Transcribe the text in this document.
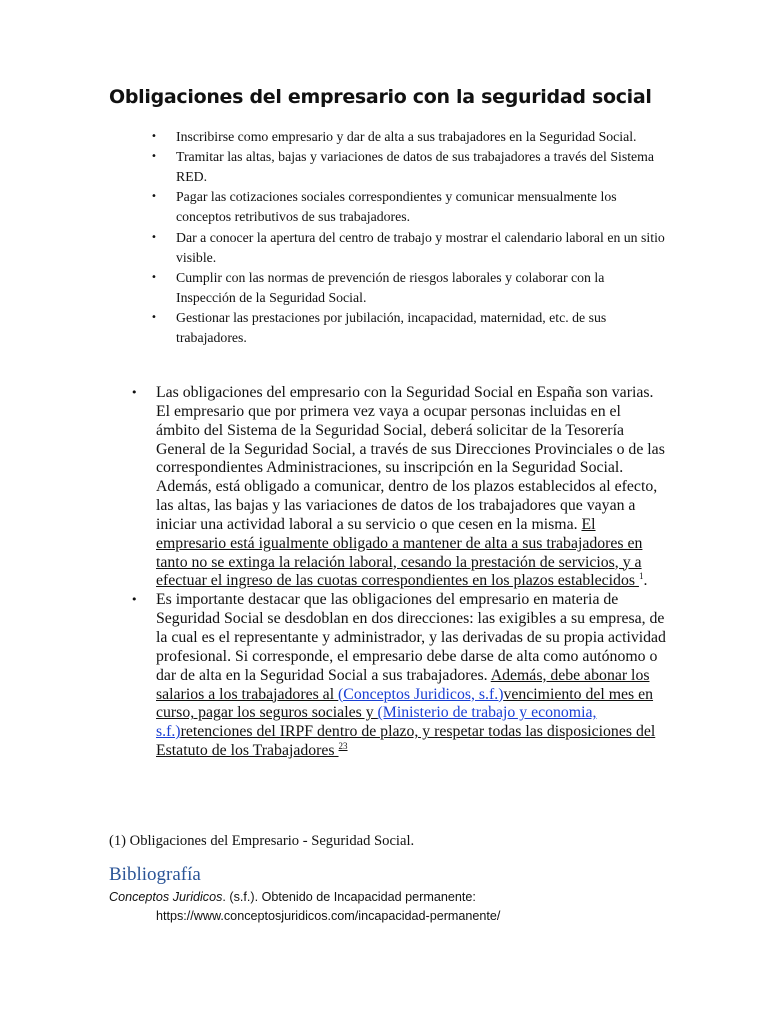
Obligaciones del empresario con la seguridad social
• Inscribirse como empresario y dar de alta a sus trabajadores en la Seguridad Social.
• Tramitar las altas, bajas y variaciones de datos de sus trabajadores a través del Sistema RED.
• Pagar las cotizaciones sociales correspondientes y comunicar mensualmente los conceptos retributivos de sus trabajadores.
• Dar a conocer la apertura del centro de trabajo y mostrar el calendario laboral en un sitio visible.
• Cumplir con las normas de prevención de riesgos laborales y colaborar con la Inspección de la Seguridad Social.
• Gestionar las prestaciones por jubilación, incapacidad, maternidad, etc. de sus trabajadores.
• Las obligaciones del empresario con la Seguridad Social en España son varias. El empresario que por primera vez vaya a ocupar personas incluidas en el ámbito del Sistema de la Seguridad Social, deberá solicitar de la Tesorería General de la Seguridad Social, a través de sus Direcciones Provinciales o de las correspondientes Administraciones, su inscripción en la Seguridad Social. Además, está obligado a comunicar, dentro de los plazos establecidos al efecto, las altas, las bajas y las variaciones de datos de los trabajadores que vayan a iniciar una actividad laboral a su servicio o que cesen en la misma. El empresario está igualmente obligado a mantener de alta a sus trabajadores en tanto no se extinga la relación laboral, cesando la prestación de servicios, y a efectuar el ingreso de las cuotas correspondientes en los plazos establecidos $^1$.
• Es importante destacar que las obligaciones del empresario en materia de Seguridad Social se desdoblan en dos direcciones: las exigibles a su empresa, de la cual es el representante y administrador, y las derivadas de su propia actividad profesional. Si corresponde, el empresario debe darse de alta como autónomo o dar de alta en la Seguridad Social a sus trabajadores. Además, debe abonar los salarios a los trabajadores al (Conceptos Juridicos, s.f.)vencimiento del mes en curso, pagar los seguros sociales y (Ministerio de trabajo y economia, s.f.)retenciones del IRPF dentro de plazo, y respetar todas las disposiciones del Estatuto de los Trabajadores $^{23}$

(1) Obligaciones del Empresario - Seguridad Social.

Bibliografía

Conceptos Juridicos. (s.f.). Obtenido de Incapacidad permanente:
https://www.conceptosjuridicos.com/incapacidad-permanente/
